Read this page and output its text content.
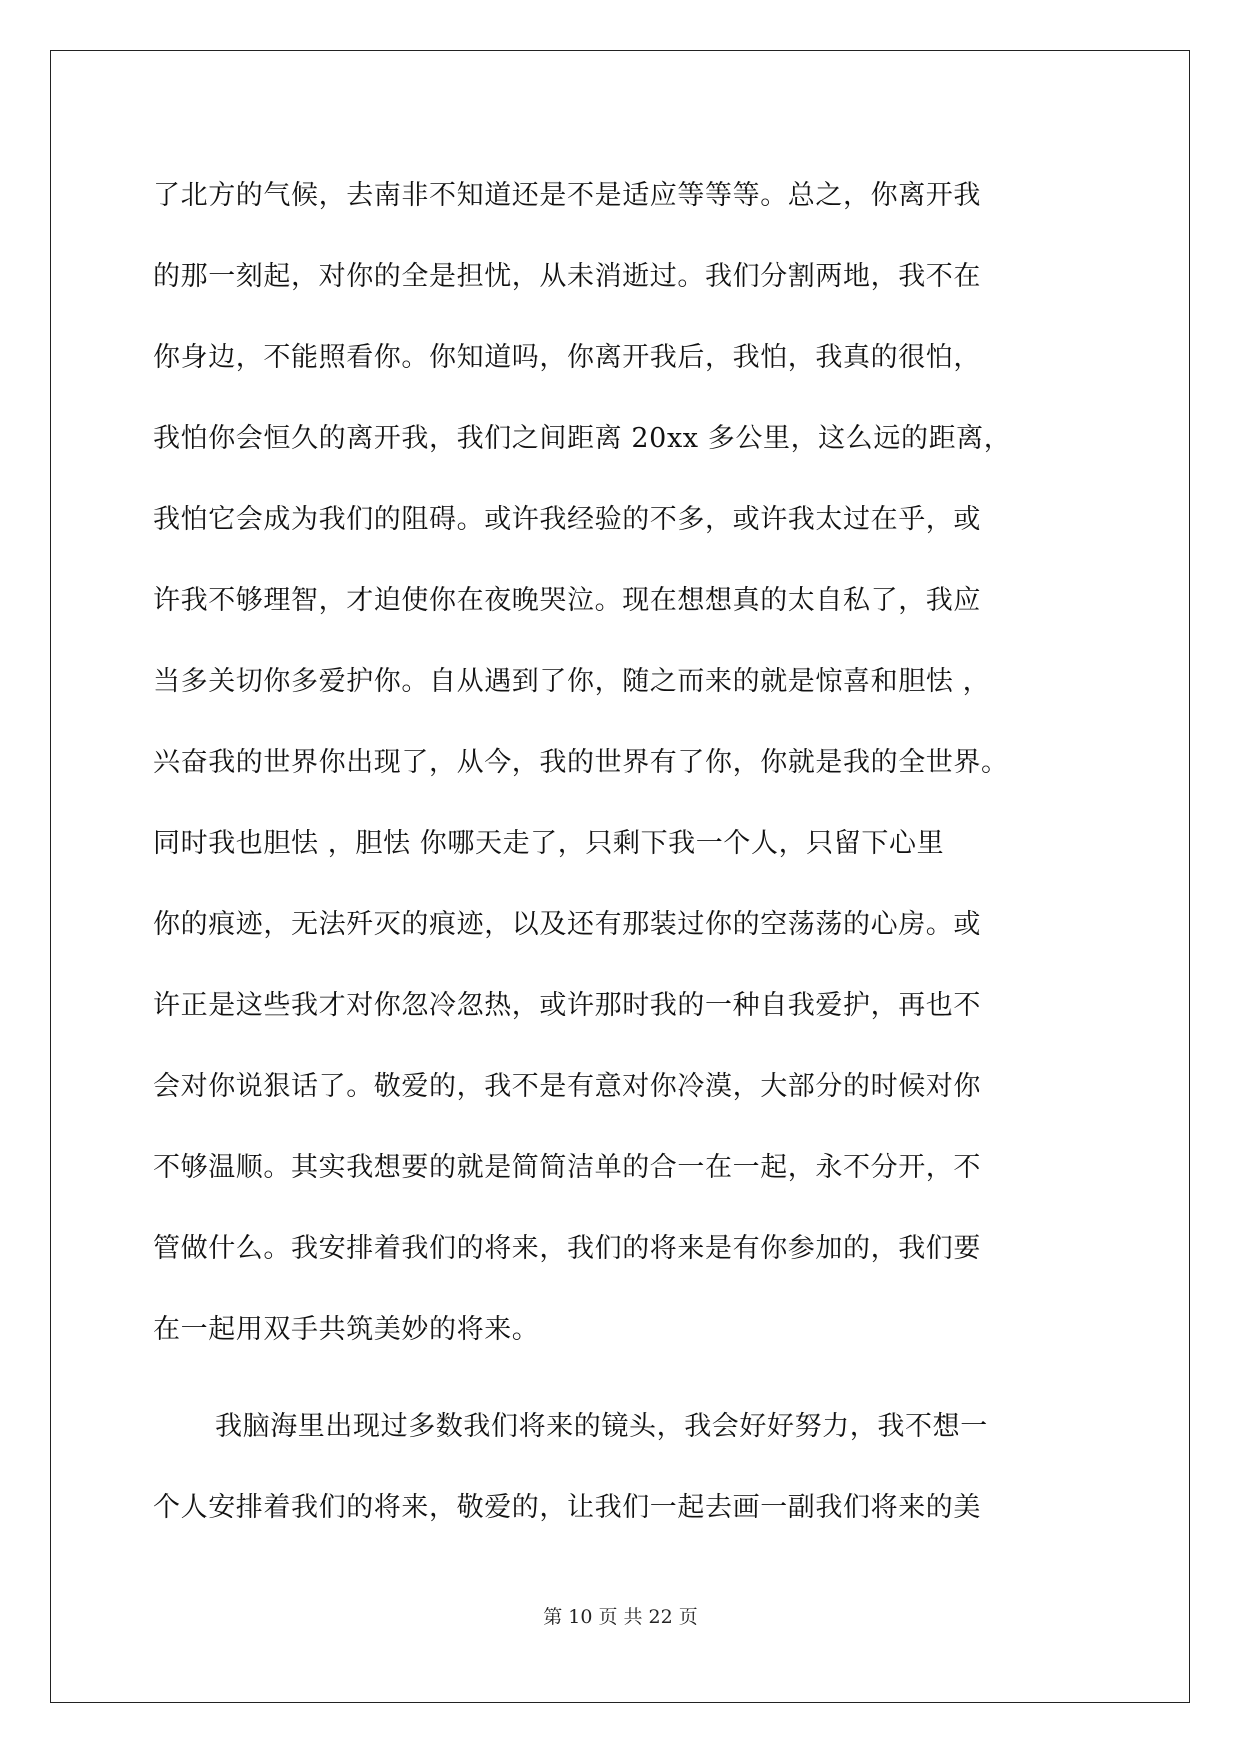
了北方的气候，去南非不知道还是不是适应等等等。总之，你离开我
的那一刻起，对你的全是担忧，从未消逝过。我们分割两地，我不在
你身边，不能照看你。你知道吗，你离开我后，我怕，我真的很怕，
我怕你会恒久的离开我，我们之间距离 20xx 多公里，这么远的距离，
我怕它会成为我们的阻碍。或许我经验的不多，或许我太过在乎，或
许我不够理智，才迫使你在夜晚哭泣。现在想想真的太自私了，我应
当多关切你多爱护你。自从遇到了你，随之而来的就是惊喜和胆怯 ，
兴奋我的世界你出现了，从今，我的世界有了你，你就是我的全世界。
同时我也胆怯 ，胆怯 你哪天走了，只剩下我一个人，只留下心里
你的痕迹，无法歼灭的痕迹，以及还有那装过你的空荡荡的心房。或
许正是这些我才对你忽冷忽热，或许那时我的一种自我爱护，再也不
会对你说狠话了。敬爱的，我不是有意对你冷漠，大部分的时候对你
不够温顺。其实我想要的就是简简洁单的合一在一起，永不分开，不
管做什么。我安排着我们的将来，我们的将来是有你参加的，我们要
在一起用双手共筑美妙的将来。
我脑海里出现过多数我们将来的镜头，我会好好努力，我不想一
个人安排着我们的将来，敬爱的，让我们一起去画一副我们将来的美
第 10 页 共 22 页
